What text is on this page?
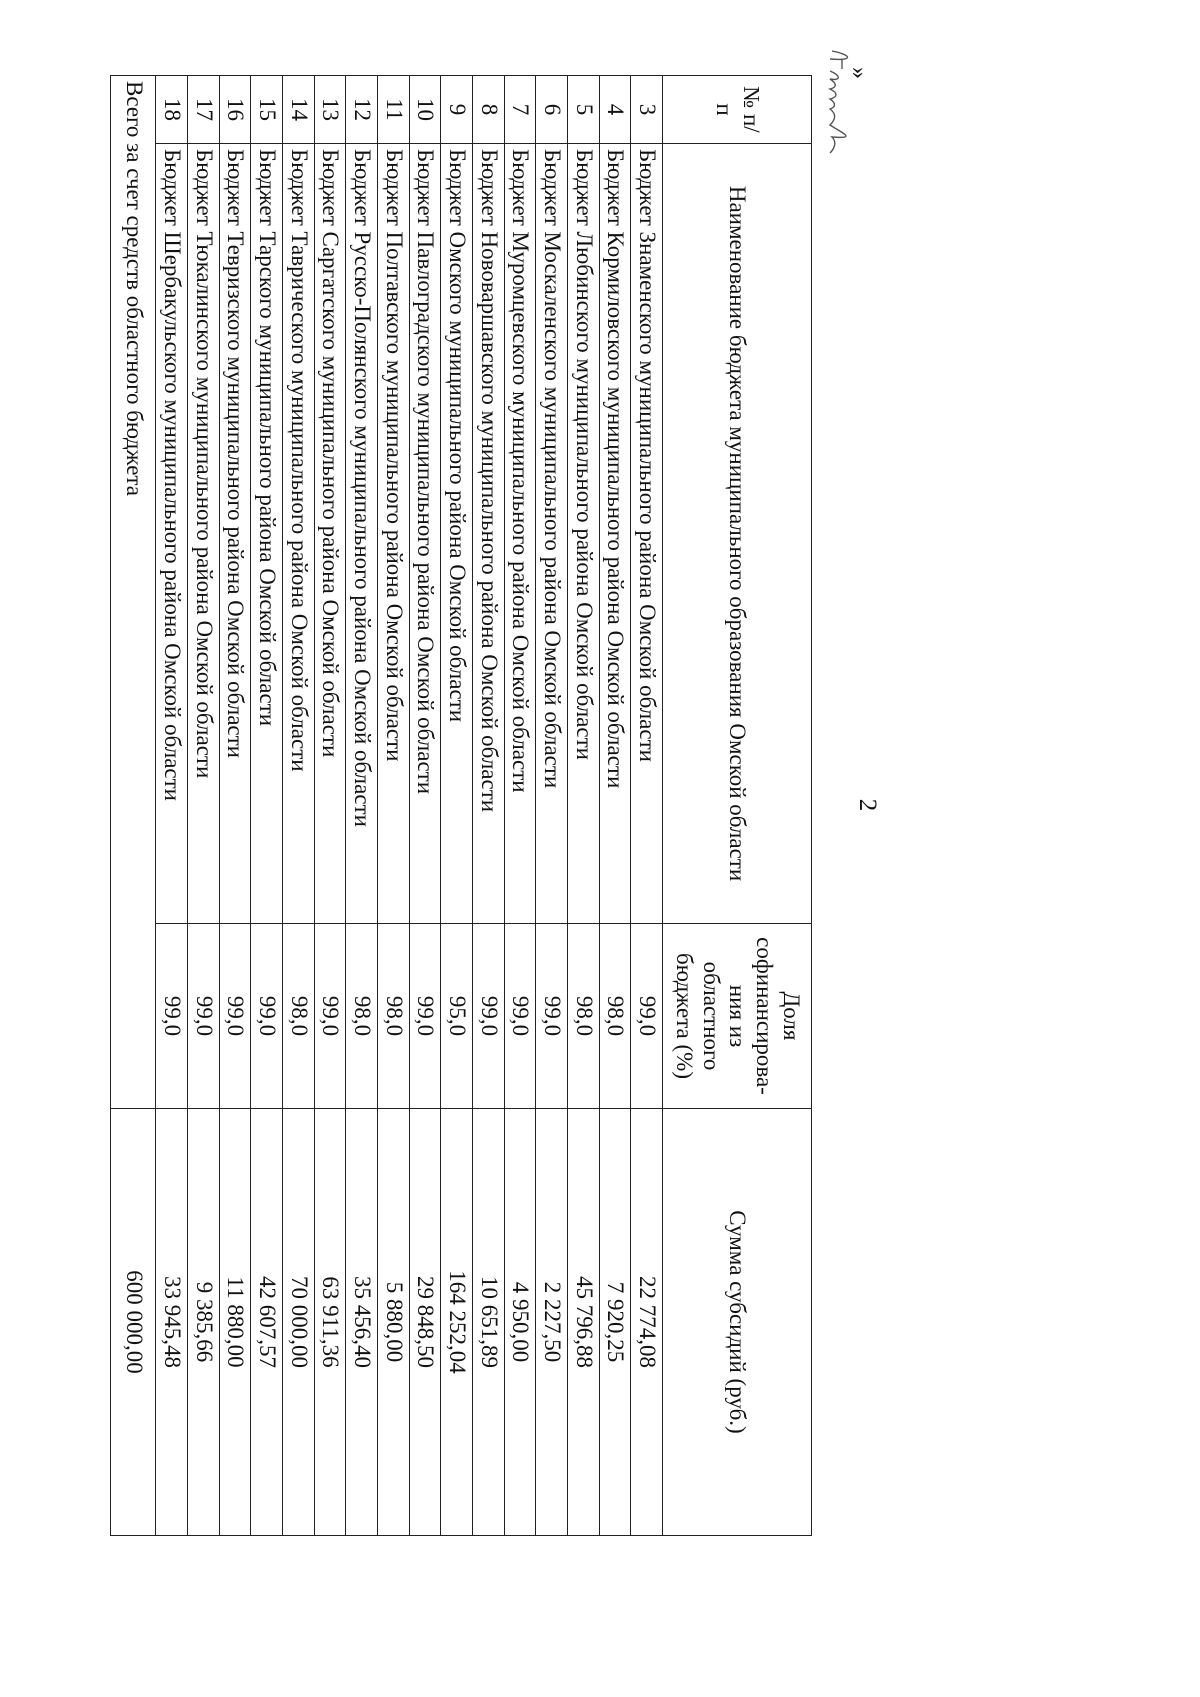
2
»
№ п/п	Наименование бюджета муниципального образования Омской области	Доля софинансирова-ния из областного бюджета (%)	Сумма субсидий (руб.)
3	Бюджет Знаменского муниципального района Омской области	99,0	22 774,08
4	Бюджет Кормиловского муниципального района Омской области	98,0	7 920,25
5	Бюджет Любинского муниципального района Омской области	98,0	45 796,88
6	Бюджет Москаленского муниципального района Омской области	99,0	2 227,50
7	Бюджет Муромцевского муниципального района Омской области	99,0	4 950,00
8	Бюджет Нововаршавского муниципального района Омской области	99,0	10 651,89
9	Бюджет Омского муниципального района Омской области	95,0	164 252,04
10	Бюджет Павлоградского муниципального района Омской области	99,0	29 848,50
11	Бюджет Полтавского муниципального района Омской области	98,0	5 880,00
12	Бюджет Русско-Полянского муниципального района Омской области	98,0	35 456,40
13	Бюджет Саргатского муниципального района Омской области	99,0	63 911,36
14	Бюджет Таврического муниципального района Омской области	98,0	70 000,00
15	Бюджет Тарского муниципального района Омской области	99,0	42 607,57
16	Бюджет Тевризского муниципального района Омской области	99,0	11 880,00
17	Бюджет Тюкалинского муниципального района Омской области	99,0	9 385,66
18	Бюджет Шербакульского муниципального района Омской области	99,0	33 945,48
Всего за счет средств областного бюджета			600 000,00
